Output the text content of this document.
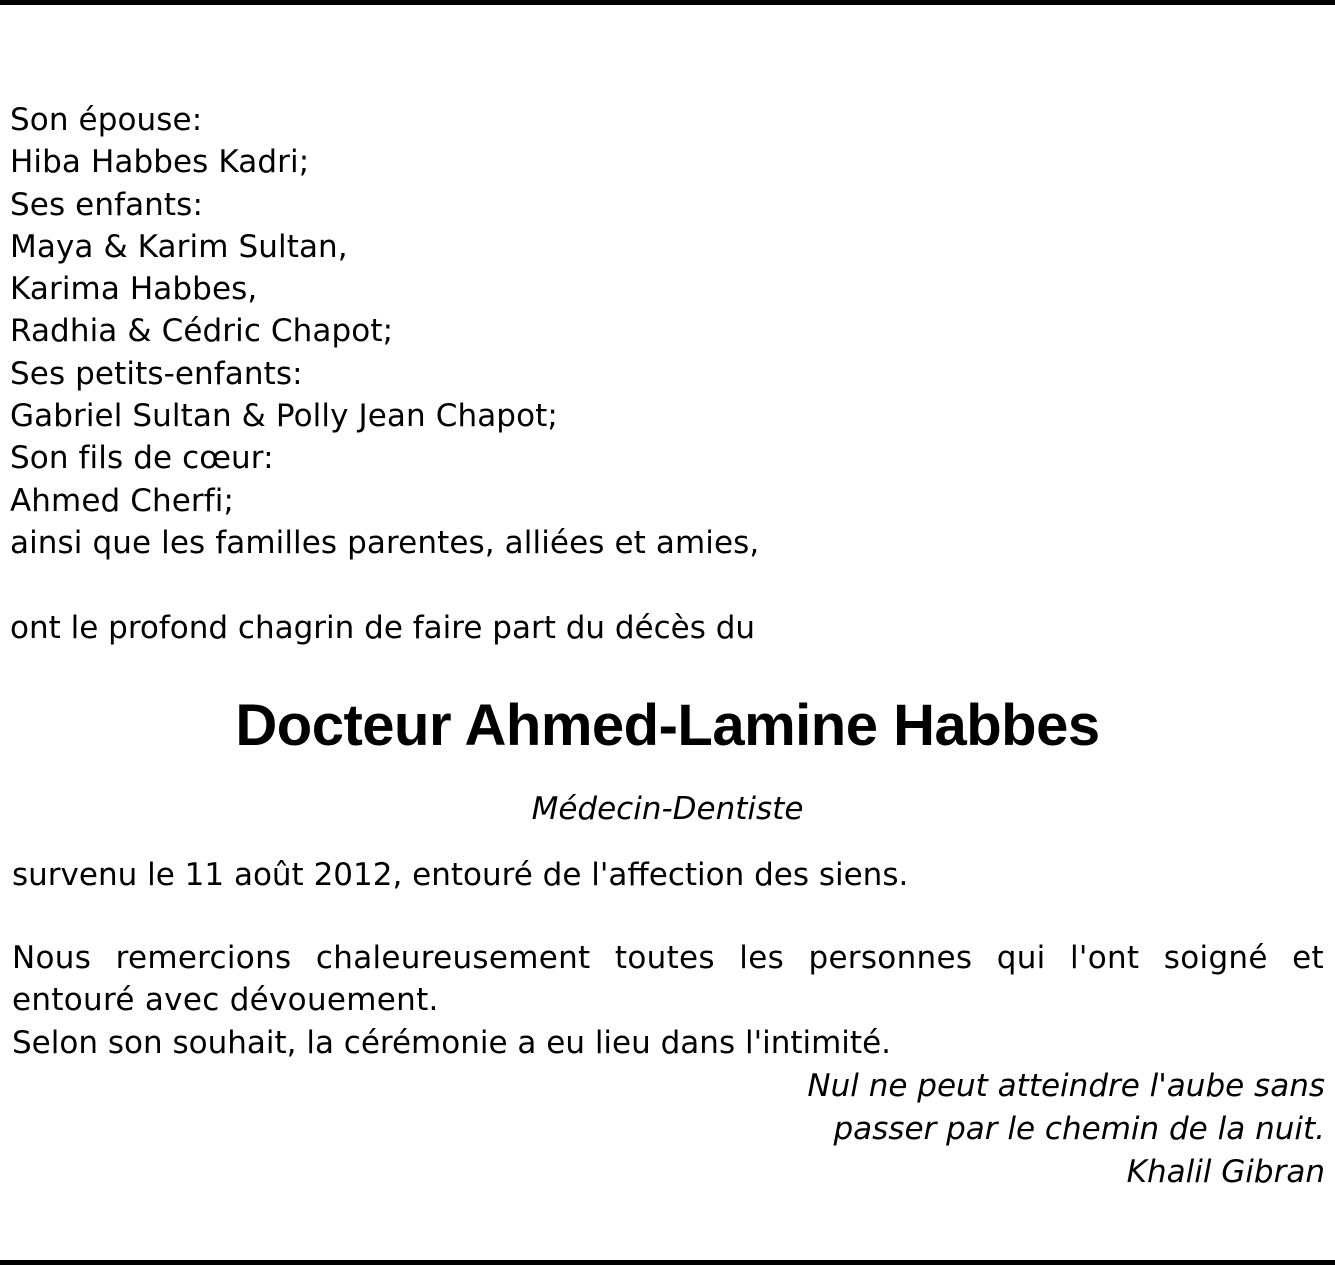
Son épouse:
Hiba Habbes Kadri;
Ses enfants:
Maya & Karim Sultan,
Karima Habbes,
Radhia & Cédric Chapot;
Ses petits-enfants:
Gabriel Sultan & Polly Jean Chapot;
Son fils de cœur:
Ahmed Cherfi;
ainsi que les familles parentes, alliées et amies,
ont le profond chagrin de faire part du décès du
Docteur Ahmed-Lamine Habbes
Médecin-Dentiste
survenu le 11 août 2012, entouré de l'affection des siens.
Nous remercions chaleureusement toutes les personnes qui l'ont soigné et entouré avec dévouement.
Selon son souhait, la cérémonie a eu lieu dans l'intimité.
Nul ne peut atteindre l'aube sans
passer par le chemin de la nuit.
Khalil Gibran
